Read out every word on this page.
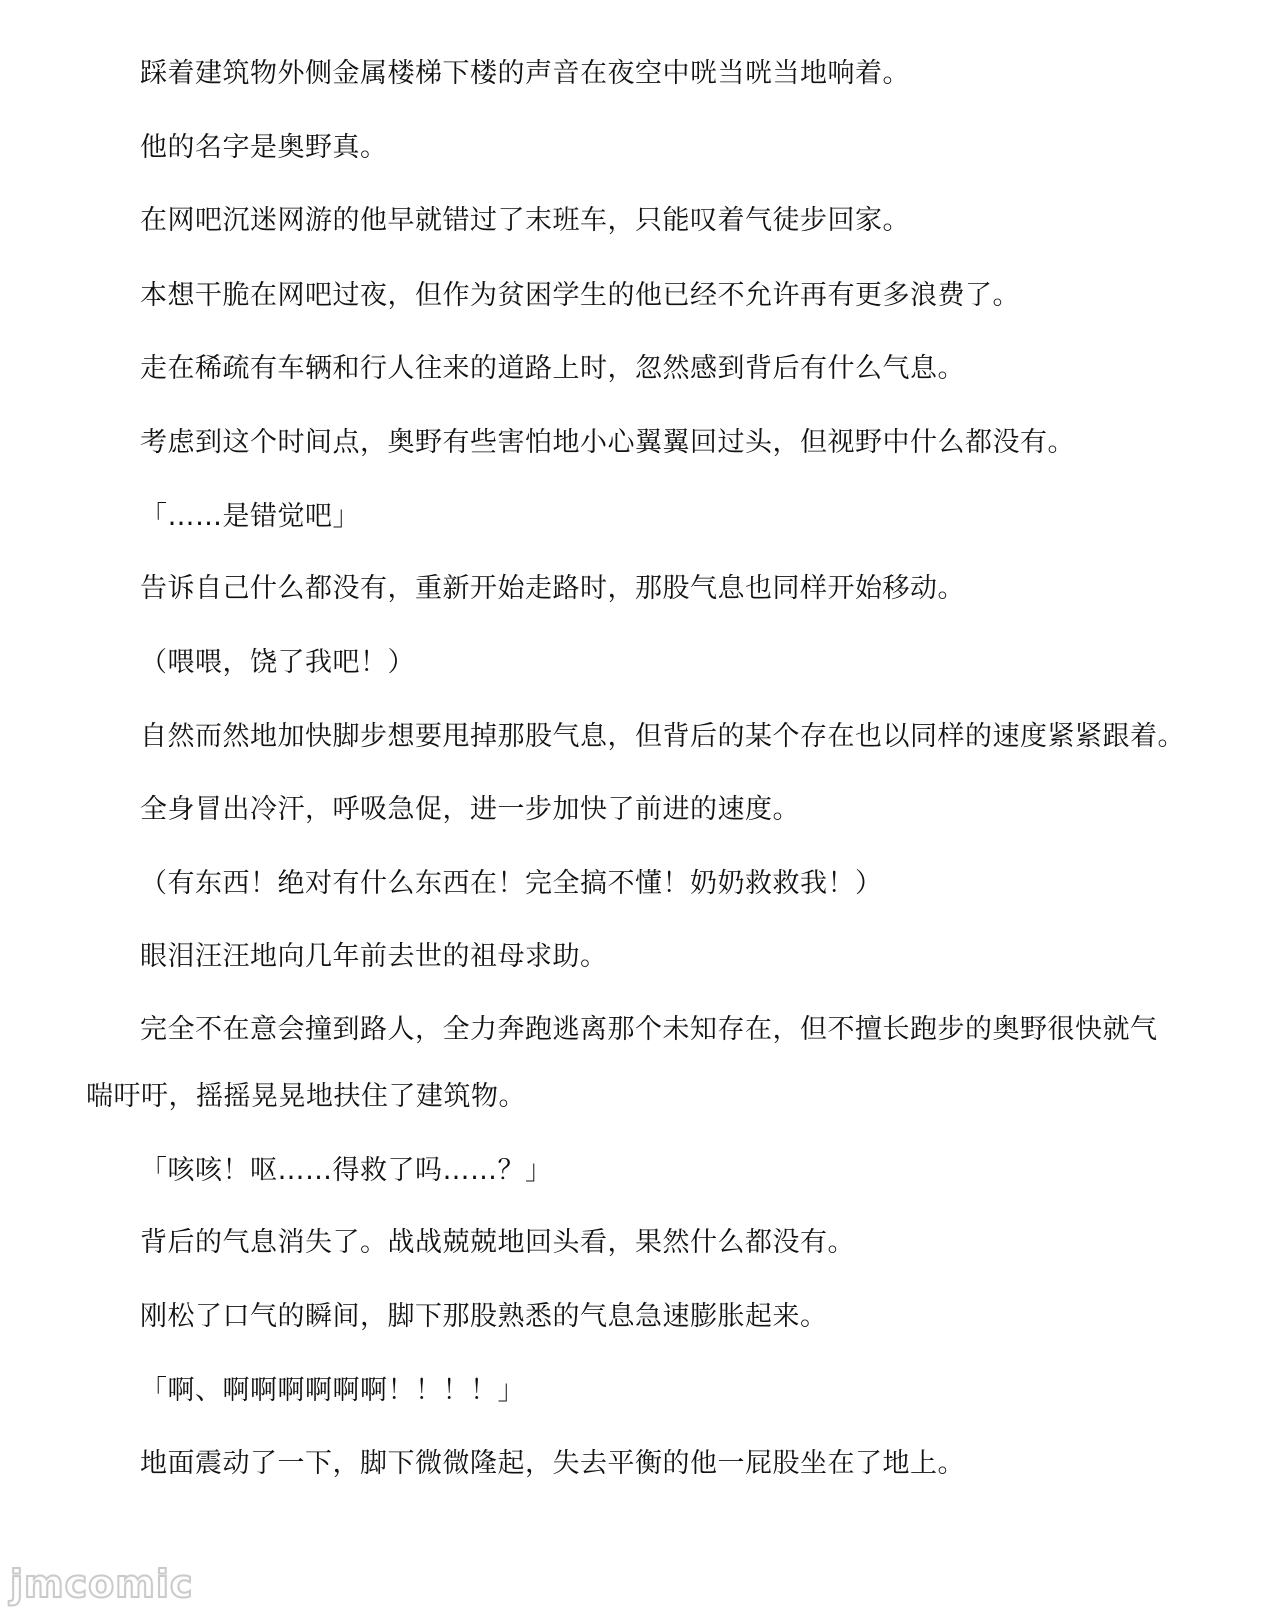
踩着建筑物外侧金属楼梯下楼的声音在夜空中咣当咣当地响着。
他的名字是奥野真。
在网吧沉迷网游的他早就错过了末班车，只能叹着气徒步回家。
本想干脆在网吧过夜，但作为贫困学生的他已经不允许再有更多浪费了。
走在稀疏有车辆和行人往来的道路上时，忽然感到背后有什么气息。
考虑到这个时间点，奥野有些害怕地小心翼翼回过头，但视野中什么都没有。
「……是错觉吧」
告诉自己什么都没有，重新开始走路时，那股气息也同样开始移动。
（喂喂，饶了我吧！）
自然而然地加快脚步想要甩掉那股气息，但背后的某个存在也以同样的速度紧紧跟着。
全身冒出冷汗，呼吸急促，进一步加快了前进的速度。
（有东西！绝对有什么东西在！完全搞不懂！奶奶救救我！）
眼泪汪汪地向几年前去世的祖母求助。
完全不在意会撞到路人，全力奔跑逃离那个未知存在，但不擅长跑步的奥野很快就气
喘吁吁，摇摇晃晃地扶住了建筑物。
「咳咳！呕……得救了吗……？」
背后的气息消失了。战战兢兢地回头看，果然什么都没有。
刚松了口气的瞬间，脚下那股熟悉的气息急速膨胀起来。
「啊、啊啊啊啊啊啊！！！！」
地面震动了一下，脚下微微隆起，失去平衡的他一屁股坐在了地上。
jmcomic
